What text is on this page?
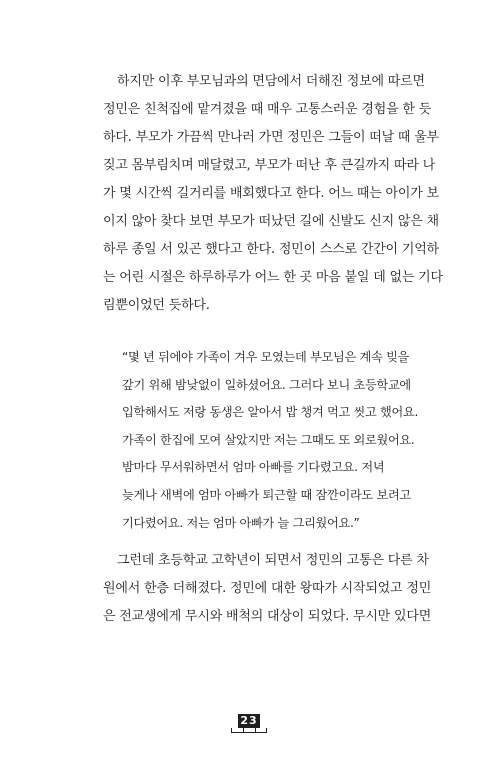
하지만 이후 부모님과의 면담에서 더해진 정보에 따르면
정민은 친척집에 맡겨졌을 때 매우 고통스러운 경험을 한 듯
하다. 부모가 가끔씩 만나러 가면 정민은 그들이 떠날 때 울부
짖고 몸부림치며 매달렸고, 부모가 떠난 후 큰길까지 따라 나
가 몇 시간씩 길거리를 배회했다고 한다. 어느 때는 아이가 보
이지 않아 찾다 보면 부모가 떠났던 길에 신발도 신지 않은 채
하루 종일 서 있곤 했다고 한다. 정민이 스스로 간간이 기억하
는 어린 시절은 하루하루가 어느 한 곳 마음 붙일 데 없는 기다
림뿐이었던 듯하다.
“몇 년 뒤에야 가족이 겨우 모였는데 부모님은 계속 빚을
갚기 위해 밤낮없이 일하셨어요. 그러다 보니 초등학교에
입학해서도 저랑 동생은 알아서 밥 챙겨 먹고 씻고 했어요.
가족이 한집에 모여 살았지만 저는 그때도 또 외로웠어요.
밤마다 무서워하면서 엄마 아빠를 기다렸고요. 저녁
늦게나 새벽에 엄마 아빠가 퇴근할 때 잠깐이라도 보려고
기다렸어요. 저는 엄마 아빠가 늘 그리웠어요.”
그런데 초등학교 고학년이 되면서 정민의 고통은 다른 차
원에서 한층 더해졌다. 정민에 대한 왕따가 시작되었고 정민
은 전교생에게 무시와 배척의 대상이 되었다. 무시만 있다면
23
